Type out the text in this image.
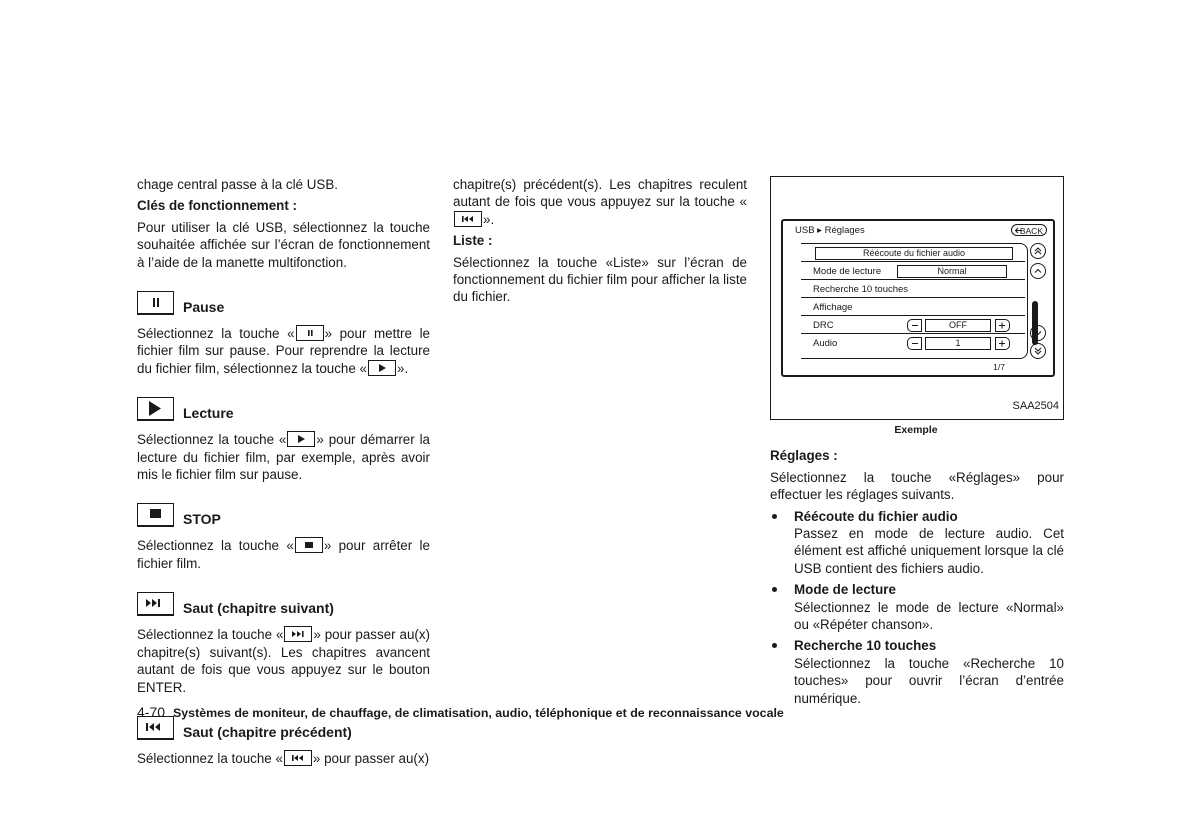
chage central passe à la clé USB.

Clés de fonctionnement :

Pour utiliser la clé USB, sélectionnez la touche souhaitée affichée sur l’écran de fonctionnement à l’aide de la manette multifonction.

Pause

Sélectionnez la touche « » pour mettre le fichier film sur pause. Pour reprendre la lecture du fichier film, sélectionnez la touche « ».

Lecture

Sélectionnez la touche « » pour démarrer la lecture du fichier film, par exemple, après avoir mis le fichier film sur pause.

STOP

Sélectionnez la touche « » pour arrêter le fichier film.

Saut (chapitre suivant)

Sélectionnez la touche « » pour passer au(x) chapitre(s) suivant(s). Les chapitres avancent autant de fois que vous appuyez sur le bouton ENTER.

Saut (chapitre précédent)

Sélectionnez la touche « » pour passer au(x)

chapitre(s) précédent(s). Les chapitres reculent autant de fois que vous appuyez sur la touche «
».

Liste :

Sélectionnez la touche «Liste» sur l’écran de fonctionnement du fichier film pour afficher la liste du fichier.

USB ▸ Réglages	BACK
Réécoute du fichier audio
Mode de lecture	Normal
Recherche 10 touches
Affichage
DRC	OFF
Audio	1
1/7
SAA2504
Exemple

Réglages :

Sélectionnez la touche «Réglages» pour effectuer les réglages suivants.

Réécoute du fichier audio

Passez en mode de lecture audio. Cet élément est affiché uniquement lorsque la clé USB contient des fichiers audio.

Mode de lecture

Sélectionnez le mode de lecture «Normal» ou «Répéter chanson».

Recherche 10 touches

Sélectionnez la touche «Recherche 10 touches» pour ouvrir l’écran d’entrée numérique.

4-70 Systèmes de moniteur, de chauffage, de climatisation, audio, téléphonique et de reconnaissance vocale
